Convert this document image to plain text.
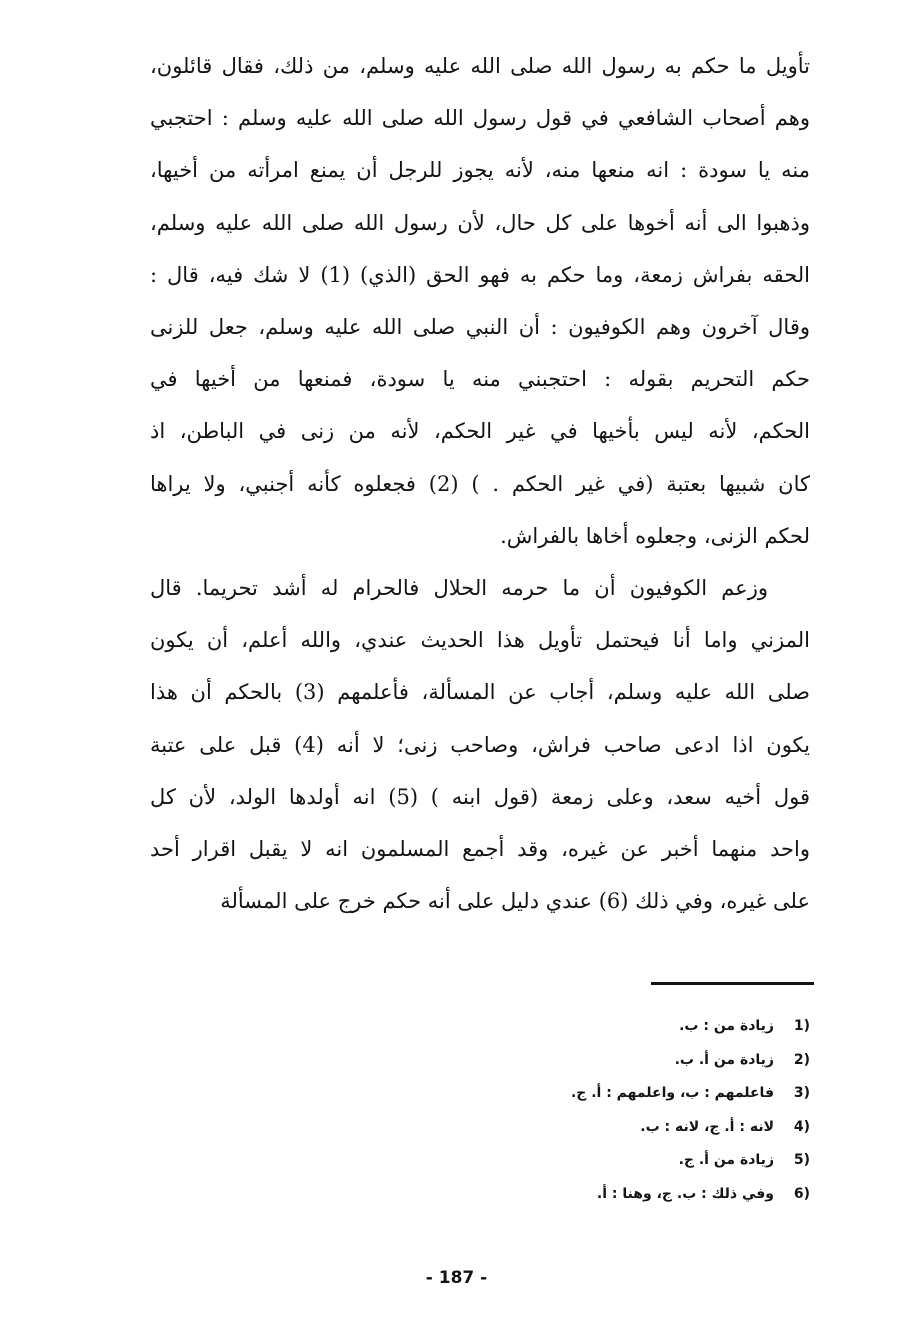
تأويل ما حكم به رسول الله صلى الله عليه وسلم، من ذلك، فقال قائلون،
وهم أصحاب الشافعي في قول رسول الله صلى الله عليه وسلم : احتجبي
منه يا سودة : انه منعها منه، لأنه يجوز للرجل أن يمنع امرأته من أخيها،
وذهبوا الى أنه أخوها على كل حال، لأن رسول الله صلى الله عليه وسلم،
الحقه بفراش زمعة، وما حكم به فهو الحق (الذي) (1) لا شك فيه، قال :
وقال آخرون وهم الكوفيون : أن النبي صلى الله عليه وسلم، جعل للزنى
حكم التحريم بقوله : احتجبني منه يا سودة، فمنعها من أخيها في
الحكم، لأنه ليس بأخيها في غير الحكم، لأنه من زنى في الباطن، اذ
كان شبيها بعتبة (في غير الحكم . ) (2) فجعلوه كأنه أجنبي، ولا يراها
لحكم الزنى، وجعلوه أخاها بالفراش.

وزعم الكوفيون أن ما حرمه الحلال فالحرام له أشد تحريما. قال
المزني واما أنا فيحتمل تأويل هذا الحديث عندي، والله أعلم، أن يكون
صلى الله عليه وسلم، أجاب عن المسألة، فأعلمهم (3) بالحكم أن هذا
يكون اذا ادعى صاحب فراش، وصاحب زنى؛ لا أنه (4) قبل على عتبة
قول أخيه سعد، وعلى زمعة (قول ابنه ) (5) انه أولدها الولد، لأن كل
واحد منهما أخبر عن غيره، وقد أجمع المسلمون انه لا يقبل اقرار أحد
على غيره، وفي ذلك (6) عندي دليل على أنه حكم خرج على المسألة

(1زيادة من : ب.
(2زيادة من أ. ب.
(3فاعلمهم : ب، واعلمهم : أ. ج.
(4لانه : أ. ج، لانه : ب.
(5زيادة من أ. ج.
(6وفي ذلك : ب. ج، وهنا : أ.
- 187 -
